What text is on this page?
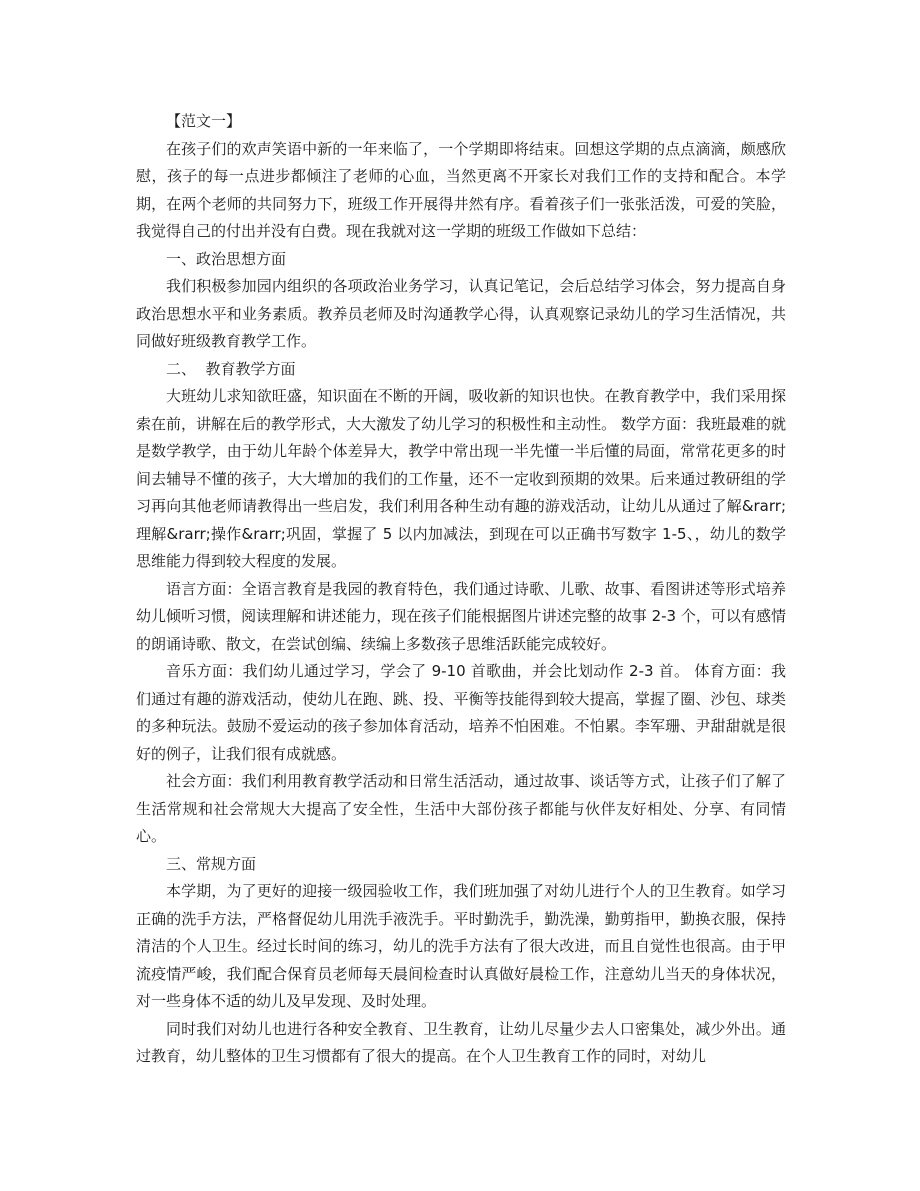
【范文一】

在孩子们的欢声笑语中新的一年来临了，一个学期即将结束。回想这学期的点点滴滴，颇感欣慰，孩子的每一点进步都倾注了老师的心血，当然更离不开家长对我们工作的支持和配合。本学期，在两个老师的共同努力下，班级工作开展得井然有序。看着孩子们一张张活泼，可爱的笑脸，我觉得自己的付出并没有白费。现在我就对这一学期的班级工作做如下总结：

一、政治思想方面

我们积极参加园内组织的各项政治业务学习，认真记笔记，会后总结学习体会，努力提高自身政治思想水平和业务素质。教养员老师及时沟通教学心得，认真观察记录幼儿的学习生活情况，共同做好班级教育教学工作。

二、  教育教学方面

大班幼儿求知欲旺盛，知识面在不断的开阔，吸收新的知识也快。在教育教学中，我们采用探索在前，讲解在后的教学形式，大大激发了幼儿学习的积极性和主动性。 数学方面：我班最难的就是数学教学，由于幼儿年龄个体差异大，教学中常出现一半先懂一半后懂的局面，常常花更多的时间去辅导不懂的孩子，大大增加的我们的工作量，还不一定收到预期的效果。后来通过教研组的学习再向其他老师请教得出一些启发，我们利用各种生动有趣的游戏活动，让幼儿从通过了解&rarr;理解&rarr;操作&rarr;巩固，掌握了 5 以内加减法，到现在可以正确书写数字 1-5、，幼儿的数学思维能力得到较大程度的发展。

语言方面：全语言教育是我园的教育特色，我们通过诗歌、儿歌、故事、看图讲述等形式培养幼儿倾听习惯，阅读理解和讲述能力，现在孩子们能根据图片讲述完整的故事 2-3 个，可以有感情的朗诵诗歌、散文，在尝试创编、续编上多数孩子思维活跃能完成较好。

音乐方面：我们幼儿通过学习，学会了 9-10 首歌曲，并会比划动作 2-3 首。 体育方面：我们通过有趣的游戏活动，使幼儿在跑、跳、投、平衡等技能得到较大提高，掌握了圈、沙包、球类的多种玩法。鼓励不爱运动的孩子参加体育活动，培养不怕困难。不怕累。李军珊、尹甜甜就是很好的例子，让我们很有成就感。

社会方面：我们利用教育教学活动和日常生活活动，通过故事、谈话等方式，让孩子们了解了生活常规和社会常规大大提高了安全性，生活中大部份孩子都能与伙伴友好相处、分享、有同情心。

三、常规方面

本学期，为了更好的迎接一级园验收工作，我们班加强了对幼儿进行个人的卫生教育。如学习正确的洗手方法，严格督促幼儿用洗手液洗手。平时勤洗手，勤洗澡，勤剪指甲，勤换衣服，保持清洁的个人卫生。经过长时间的练习，幼儿的洗手方法有了很大改进，而且自觉性也很高。由于甲流疫情严峻，我们配合保育员老师每天晨间检查时认真做好晨检工作，注意幼儿当天的身体状况，对一些身体不适的幼儿及早发现、及时处理。

同时我们对幼儿也进行各种安全教育、卫生教育，让幼儿尽量少去人口密集处，减少外出。通过教育，幼儿整体的卫生习惯都有了很大的提高。在个人卫生教育工作的同时，对幼儿
